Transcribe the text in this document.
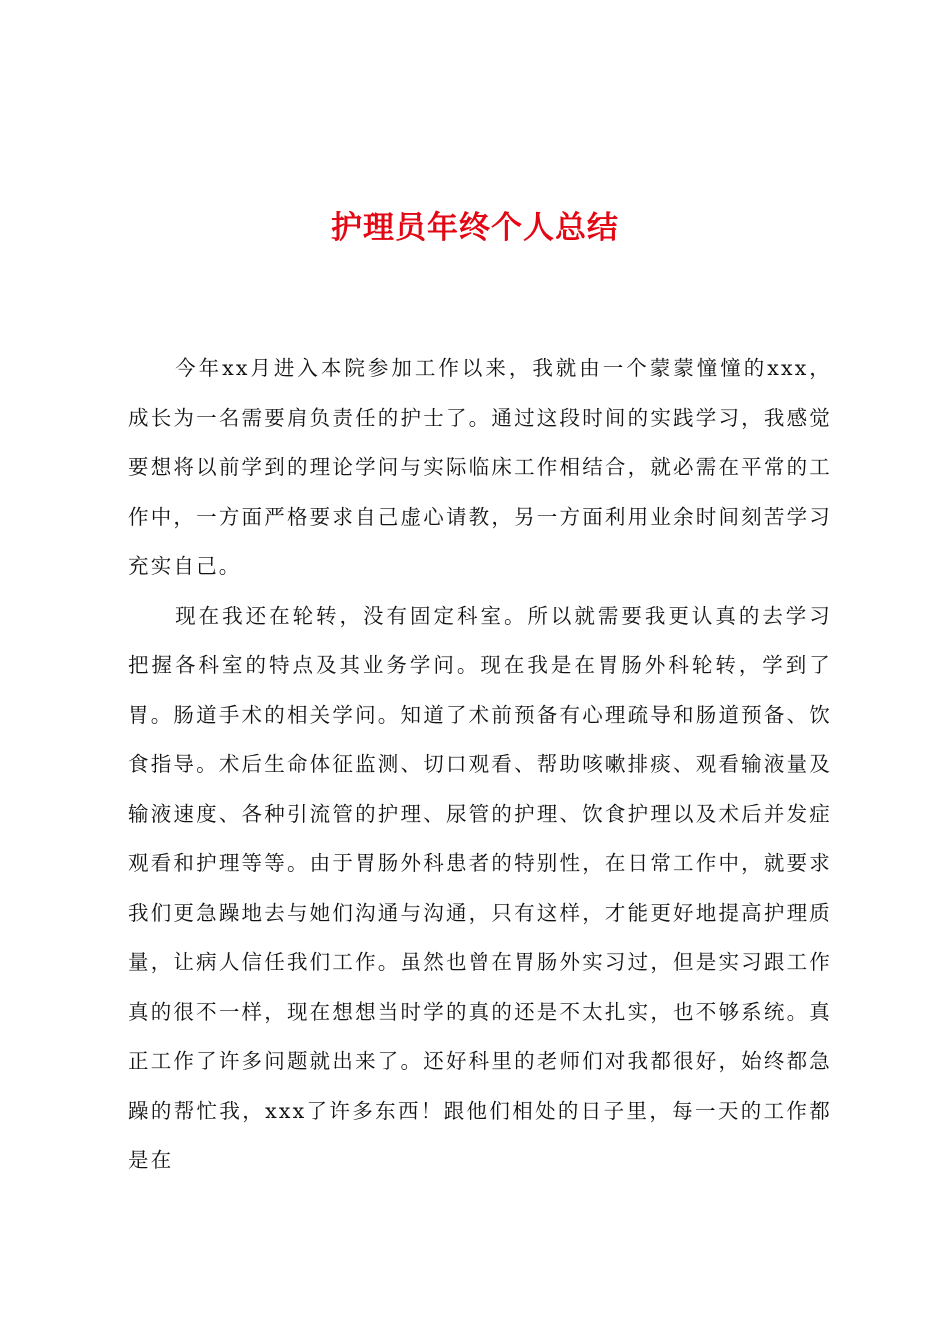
护理员年终个人总结

今年xx月进入本院参加工作以来，我就由一个蒙蒙憧憧的xxx，成长为一名需要肩负责任的护士了。通过这段时间的实践学习，我感觉要想将以前学到的理论学问与实际临床工作相结合，就必需在平常的工作中，一方面严格要求自己虚心请教，另一方面利用业余时间刻苦学习充实自己。

现在我还在轮转，没有固定科室。所以就需要我更认真的去学习把握各科室的特点及其业务学问。现在我是在胃肠外科轮转，学到了胃。肠道手术的相关学问。知道了术前预备有心理疏导和肠道预备、饮食指导。术后生命体征监测、切口观看、帮助咳嗽排痰、观看输液量及输液速度、各种引流管的护理、尿管的护理、饮食护理以及术后并发症观看和护理等等。由于胃肠外科患者的特别性，在日常工作中，就要求我们更急躁地去与她们沟通与沟通，只有这样，才能更好地提高护理质量，让病人信任我们工作。虽然也曾在胃肠外实习过，但是实习跟工作真的很不一样，现在想想当时学的真的还是不太扎实，也不够系统。真正工作了许多问题就出来了。还好科里的老师们对我都很好，始终都急躁的帮忙我，xxx了许多东西！跟他们相处的日子里，每一天的工作都是在
